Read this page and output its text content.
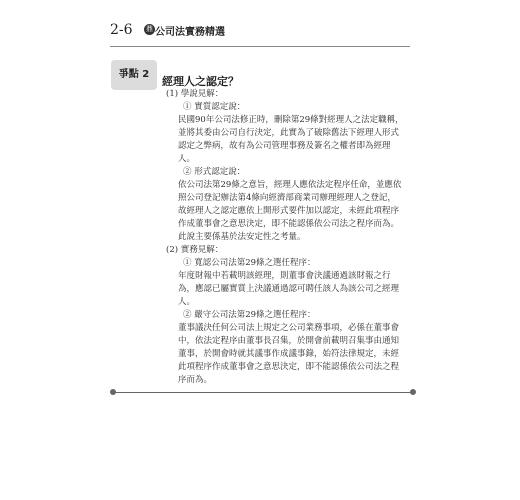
2-6 鼎 公司法實務精選
爭點 2
經理人之認定？
(1) 學說見解：
① 實質認定說：
民國90年公司法修正時，刪除第29條對經理人之法定職稱，
並將其委由公司自行決定，此實為了破除舊法下經理人形式
認定之弊病，故有為公司管理事務及簽名之權者即為經理
人。
② 形式認定說：
依公司法第29條之意旨，經理人應依法定程序任命，並應依
照公司登記辦法第4條向經濟部商業司辦理經理人之登記，
故經理人之認定應依上開形式要件加以認定，未經此項程序
作成董事會之意思決定，即不能認係依公司法之程序而為。
此說主要係基於法安定性之考量。
(2) 實務見解：
① 寬認公司法第29條之選任程序：
年度財報中若載明該經理，則董事會決議通過該財報之行
為，應認已屬實質上決議通過認可聘任該人為該公司之經理
人。
② 嚴守公司法第29條之選任程序：
董事議決任何公司法上規定之公司業務事項，必係在董事會
中，依法定程序由董事長召集，於開會前載明召集事由通知
董事，於開會時就其議事作成議事錄，始符法律規定，未經
此項程序作成董事會之意思決定，即不能認係依公司法之程
序而為。
